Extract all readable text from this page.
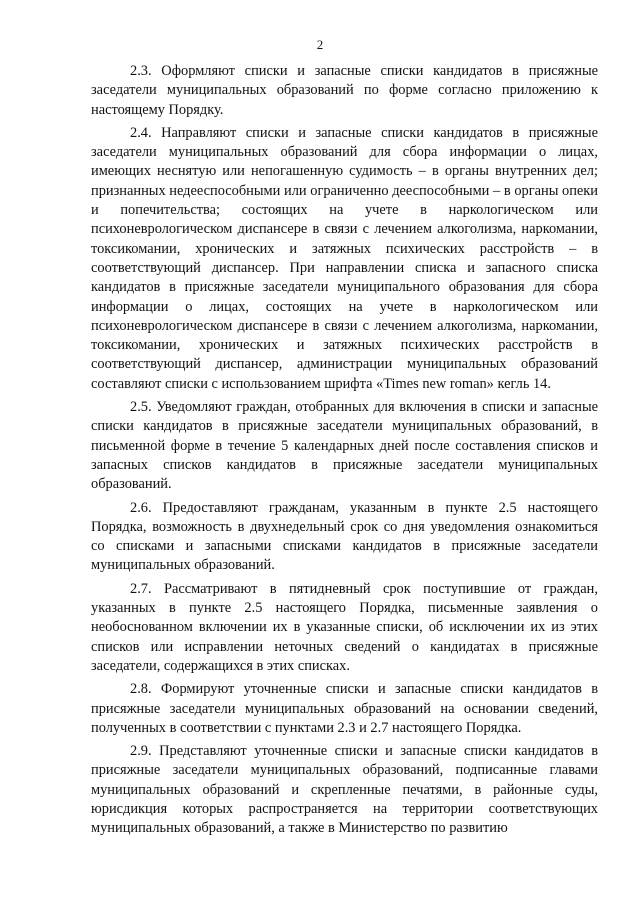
2

2.3. Оформляют списки и запасные списки кандидатов в присяжные заседатели муниципальных образований по форме согласно приложению к настоящему Порядку.

2.4. Направляют списки и запасные списки кандидатов в присяжные заседатели муниципальных образований для сбора информации о лицах, имеющих неснятую или непогашенную судимость – в органы внутренних дел; признанных недееспособными или ограниченно дееспособными – в органы опеки и попечительства; состоящих на учете в наркологическом или психоневрологическом диспансере в связи с лечением алкоголизма, наркомании, токсикомании, хронических и затяжных психических расстройств – в соответствующий диспансер. При направлении списка и запасного списка кандидатов в присяжные заседатели муниципального образования для сбора информации о лицах, состоящих на учете в наркологическом или психоневрологическом диспансере в связи с лечением алкоголизма, наркомании, токсикомании, хронических и затяжных психических расстройств в соответствующий диспансер, администрации муниципальных образований составляют списки с использованием шрифта «Times new roman» кегль 14.

2.5. Уведомляют граждан, отобранных для включения в списки и запасные списки кандидатов в присяжные заседатели муниципальных образований, в письменной форме в течение 5 календарных дней после составления списков и запасных списков кандидатов в присяжные заседатели муниципальных образований.

2.6. Предоставляют гражданам, указанным в пункте 2.5 настоящего Порядка, возможность в двухнедельный срок со дня уведомления ознакомиться со списками и запасными списками кандидатов в присяжные заседатели муниципальных образований.

2.7. Рассматривают в пятидневный срок поступившие от граждан, указанных в пункте 2.5 настоящего Порядка, письменные заявления о необоснованном включении их в указанные списки, об исключении их из этих списков или исправлении неточных сведений о кандидатах в присяжные заседатели, содержащихся в этих списках.

2.8. Формируют уточненные списки и запасные списки кандидатов в присяжные заседатели муниципальных образований на основании сведений, полученных в соответствии с пунктами 2.3 и 2.7 настоящего Порядка.

2.9. Представляют уточненные списки и запасные списки кандидатов в присяжные заседатели муниципальных образований, подписанные главами муниципальных образований и скрепленные печатями, в районные суды, юрисдикция которых распространяется на территории соответствующих муниципальных образований, а также в Министерство по развитию
